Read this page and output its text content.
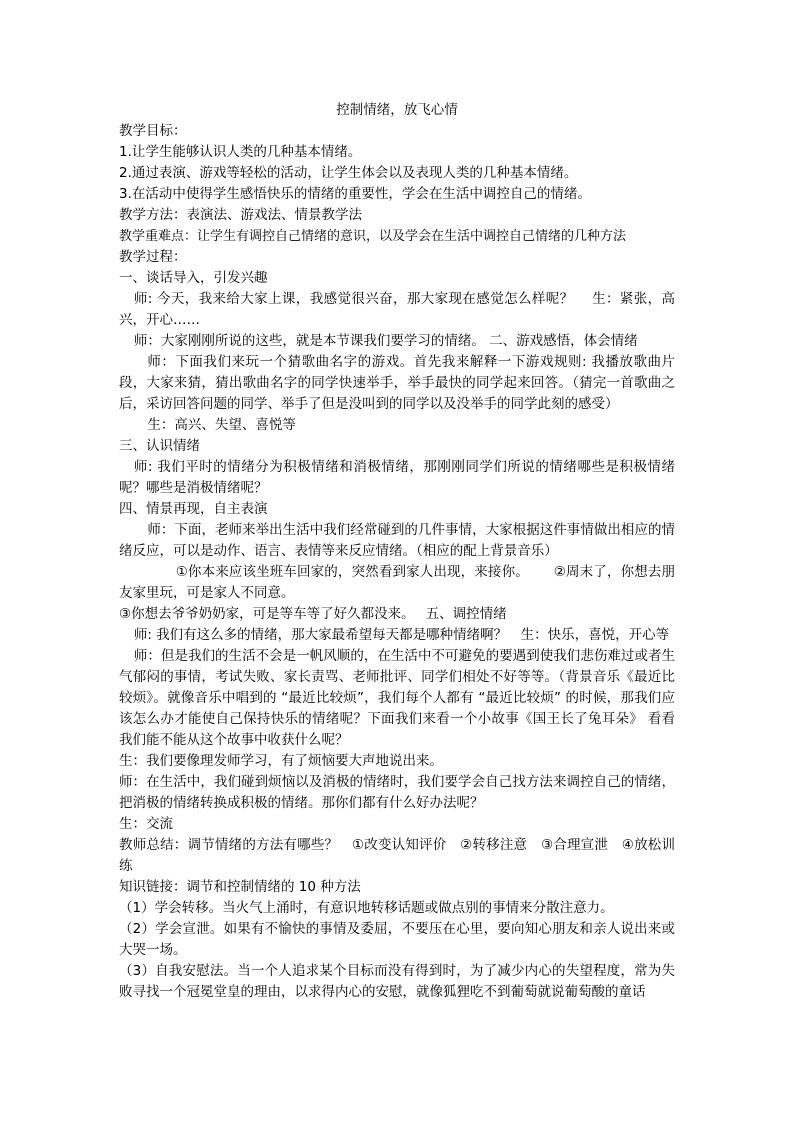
控制情绪，放飞心情

教学目标：

1.让学生能够认识人类的几种基本情绪。

2.通过表演、游戏等轻松的活动，让学生体会以及表现人类的几种基本情绪。

3.在活动中使得学生感悟快乐的情绪的重要性，学会在生活中调控自己的情绪。

教学方法：表演法、游戏法、情景教学法

教学重难点：让学生有调控自己情绪的意识，以及学会在生活中调控自己情绪的几种方法

教学过程：

一、谈话导入，引发兴趣

师: 今天，我来给大家上课，我感觉很兴奋，那大家现在感觉怎么样呢？　 生：紧张，高兴，开心……

师：大家刚刚所说的这些，就是本节课我们要学习的情绪。 二、游戏感悟，体会情绪

师：下面我们来玩一个猜歌曲名字的游戏。首先我来解释一下游戏规则: 我播放歌曲片段，大家来猜，猜出歌曲名字的同学快速举手，举手最快的同学起来回答。（猜完一首歌曲之后，采访回答问题的同学、举手了但是没叫到的同学以及没举手的同学此刻的感受）

生：高兴、失望、喜悦等

三、认识情绪

师: 我们平时的情绪分为积极情绪和消极情绪，那刚刚同学们所说的情绪哪些是积极情绪呢？哪些是消极情绪呢？

四、情景再现，自主表演

师：下面，老师来举出生活中我们经常碰到的几件事情，大家根据这件事情做出相应的情绪反应，可以是动作、语言、表情等来反应情绪。（相应的配上背景音乐）

①你本来应该坐班车回家的，突然看到家人出现，来接你。　　 ②周末了，你想去朋友家里玩，可是家人不同意。

③你想去爷爷奶奶家，可是等车等了好久都没来。　 五、调控情绪

师: 我们有这么多的情绪，那大家最希望每天都是哪种情绪啊？　生：快乐，喜悦，开心等

师：但是我们的生活不会是一帆风顺的，在生活中不可避免的要遇到使我们悲伤难过或者生气郁闷的事情，考试失败、家长责骂、老师批评、同学们相处不好等等。（背景音乐《最近比较烦》。就像音乐中唱到的 “最近比较烦”，我们每个人都有 “最近比较烦” 的时候，那我们应该怎么办才能使自己保持快乐的情绪呢？下面我们来看一个小故事《国王长了兔耳朵》 看看我们能不能从这个故事中收获什么呢？

生：我们要像理发师学习，有了烦恼要大声地说出来。

师：在生活中，我们碰到烦恼以及消极的情绪时，我们要学会自己找方法来调控自己的情绪，把消极的情绪转换成积极的情绪。那你们都有什么好办法呢？

生：交流

教师总结：调节情绪的方法有哪些？　①改变认知评价　②转移注意　③合理宣泄　④放松训练

知识链接：调节和控制情绪的 10 种方法

（1）学会转移。当火气上涌时，有意识地转移话题或做点别的事情来分散注意力。

（2）学会宣泄。如果有不愉快的事情及委屈，不要压在心里，要向知心朋友和亲人说出来或大哭一场。

（3）自我安慰法。当一个人追求某个目标而没有得到时，为了减少内心的失望程度，常为失败寻找一个冠冕堂皇的理由，以求得内心的安慰，就像狐狸吃不到葡萄就说葡萄酸的童话
